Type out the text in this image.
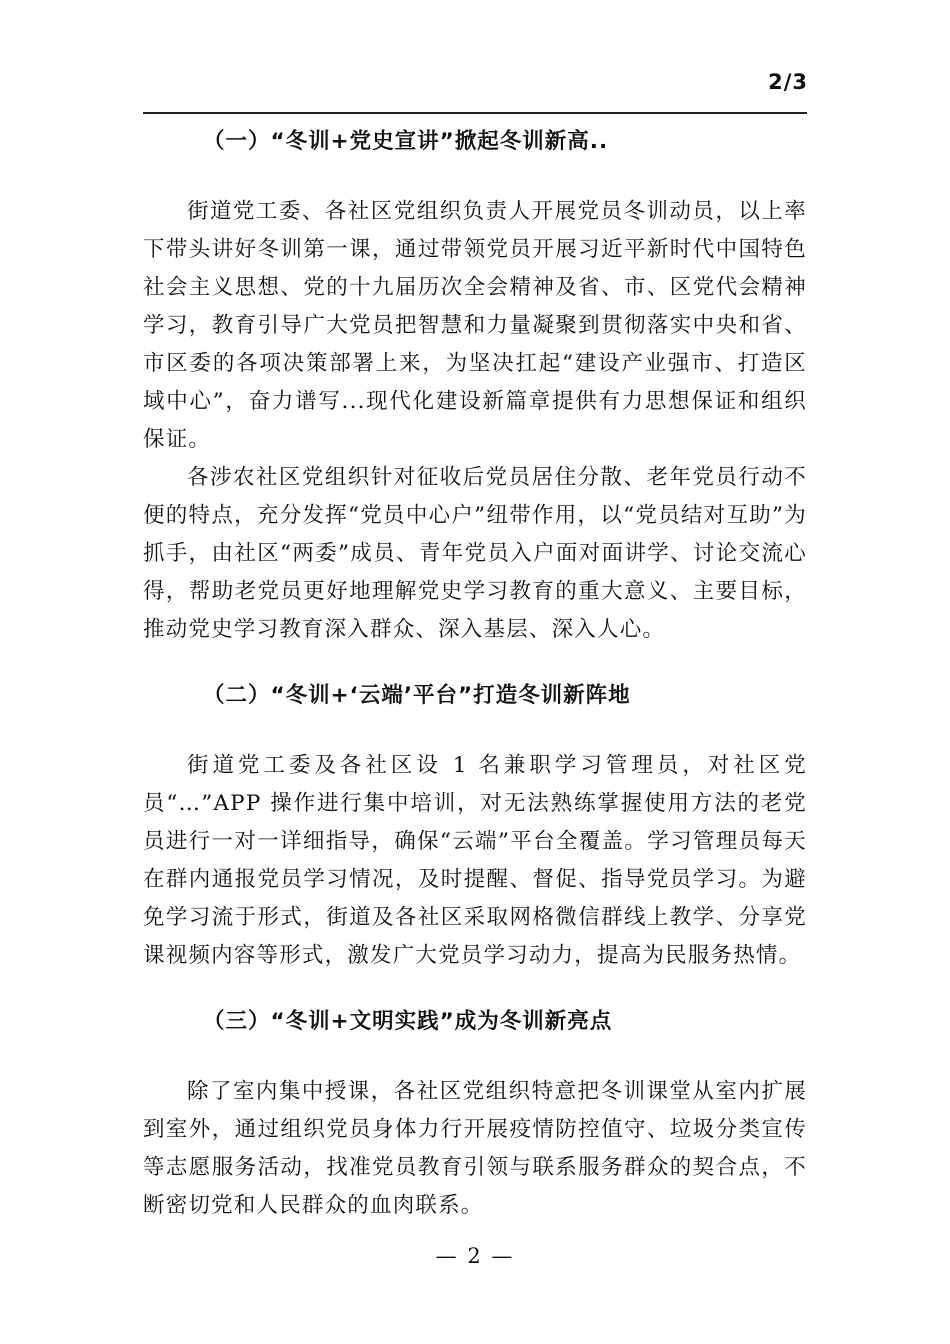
2/3
（一）“冬训+党史宣讲”掀起冬训新高..

街道党工委、各社区党组织负责人开展党员冬训动员，以上率下带头讲好冬训第一课，通过带领党员开展习近平新时代中国特色社会主义思想、党的十九届历次全会精神及省、市、区党代会精神学习，教育引导广大党员把智慧和力量凝聚到贯彻落实中央和省、市区委的各项决策部署上来，为坚决扛起“建设产业强市、打造区域中心”，奋力谱写...现代化建设新篇章提供有力思想保证和组织保证。

各涉农社区党组织针对征收后党员居住分散、老年党员行动不便的特点，充分发挥“党员中心户”纽带作用，以“党员结对互助”为抓手，由社区“两委”成员、青年党员入户面对面讲学、讨论交流心得，帮助老党员更好地理解党史学习教育的重大意义、主要目标，推动党史学习教育深入群众、深入基层、深入人心。

（二）“冬训+‘云端’平台”打造冬训新阵地

街道党工委及各社区设 1 名兼职学习管理员，对社区党员“…”APP 操作进行集中培训，对无法熟练掌握使用方法的老党员进行一对一详细指导，确保“云端”平台全覆盖。学习管理员每天在群内通报党员学习情况，及时提醒、督促、指导党员学习。为避免学习流于形式，街道及各社区采取网格微信群线上教学、分享党课视频内容等形式，激发广大党员学习动力，提高为民服务热情。

（三）“冬训+文明实践”成为冬训新亮点

除了室内集中授课，各社区党组织特意把冬训课堂从室内扩展到室外，通过组织党员身体力行开展疫情防控值守、垃圾分类宣传等志愿服务活动，找准党员教育引领与联系服务群众的契合点，不断密切党和人民群众的血肉联系。

— 2 —
